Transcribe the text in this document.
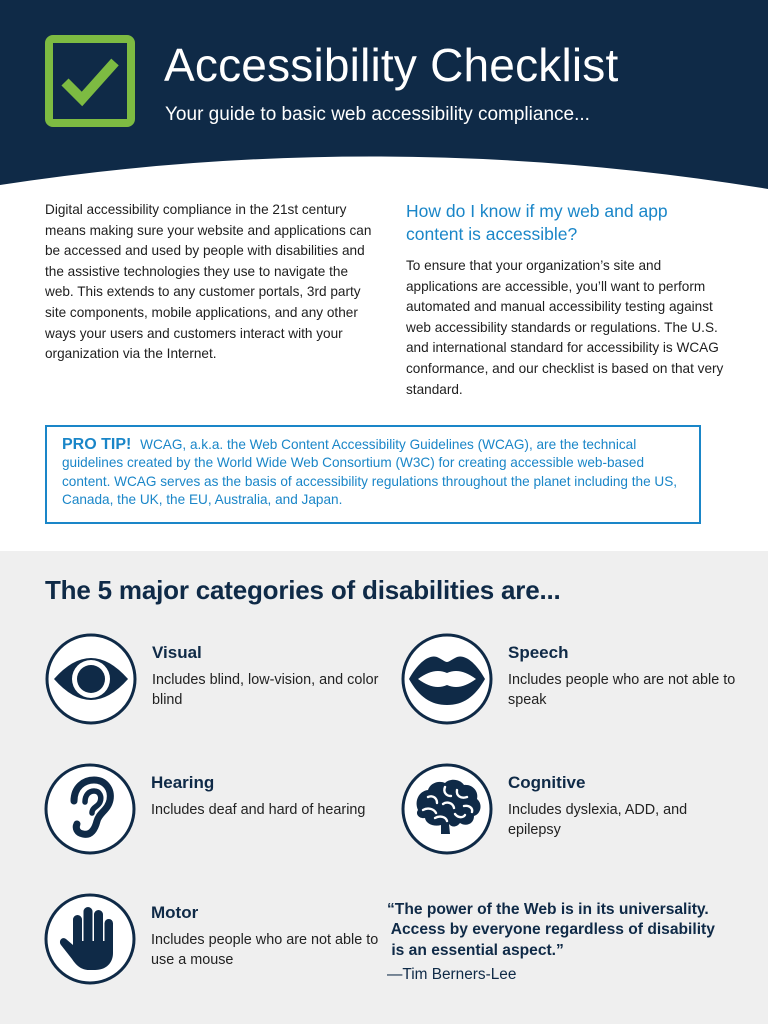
Accessibility Checklist
Your guide to basic web accessibility compliance...
Digital accessibility compliance in the 21st century means making sure your website and applications can be accessed and used by people with disabilities and the assistive technologies they use to navigate the web. This extends to any customer portals, 3rd party site components, mobile applications, and any other ways your users and customers interact with your organization via the Internet.
How do I know if my web and app content is accessible?
To ensure that your organization’s site and applications are accessible, you’ll want to perform automated and manual accessibility testing against web accessibility standards or regulations. The U.S. and international standard for accessibility is WCAG conformance, and our checklist is based on that very standard.
PRO TIP! WCAG, a.k.a. the Web Content Accessibility Guidelines (WCAG), are the technical guidelines created by the World Wide Web Consortium (W3C) for creating accessible web-based content. WCAG serves as the basis of accessibility regulations throughout the planet including the US, Canada, the UK, the EU, Australia, and Japan.
The 5 major categories of disabilities are...
Visual
Includes blind, low-vision, and color blind
Speech
Includes people who are not able to speak
Hearing
Includes deaf and hard of hearing
Cognitive
Includes dyslexia, ADD, and epilepsy
Motor
Includes people who are not able to use a mouse
“The power of the Web is in its universality.
Access by everyone regardless of disability
is an essential aspect.”
—Tim Berners-Lee
